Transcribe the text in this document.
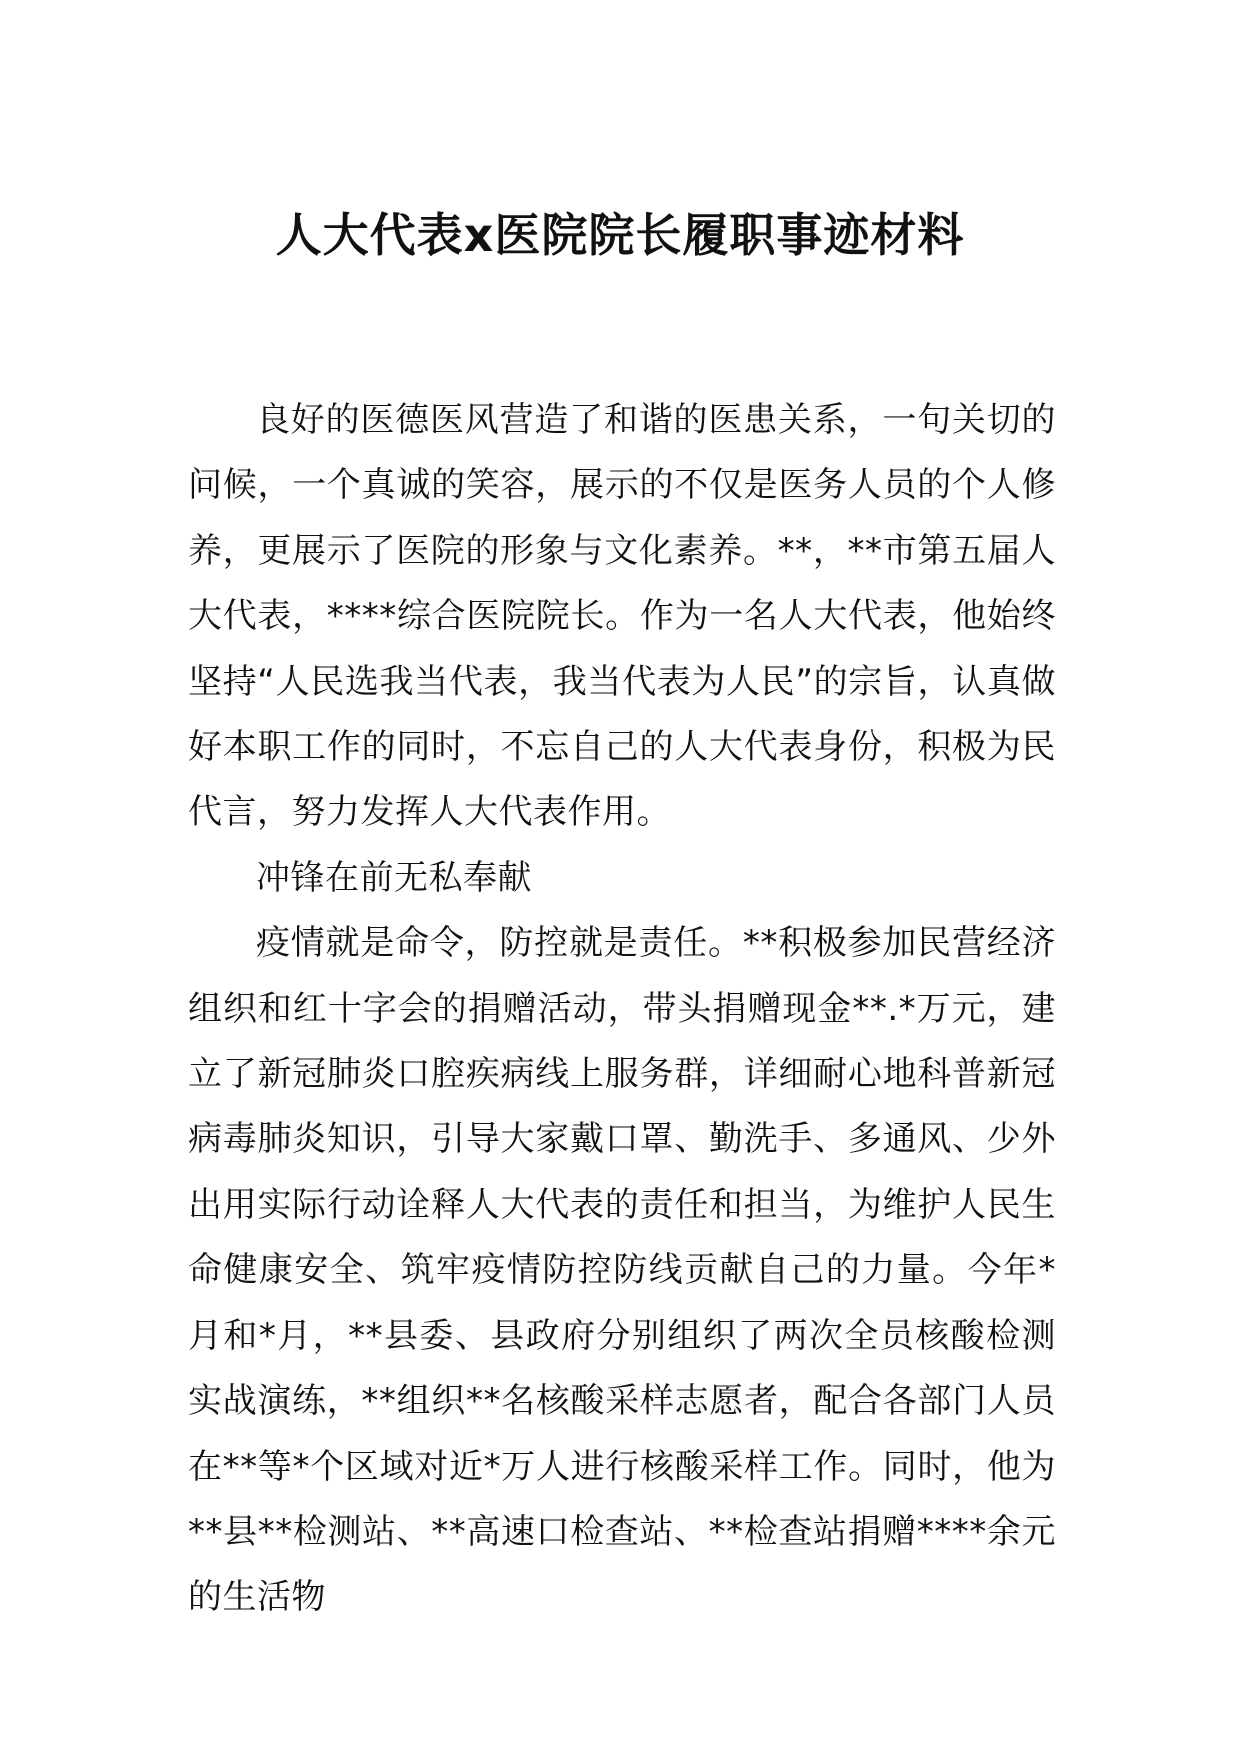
人大代表x医院院长履职事迹材料

良好的医德医风营造了和谐的医患关系，一句关切的问候，一个真诚的笑容，展示的不仅是医务人员的个人修养，更展示了医院的形象与文化素养。**，**市第五届人大代表，****综合医院院长。作为一名人大代表，他始终坚持“人民选我当代表，我当代表为人民”的宗旨，认真做好本职工作的同时，不忘自己的人大代表身份，积极为民代言，努力发挥人大代表作用。

冲锋在前无私奉献

疫情就是命令，防控就是责任。**积极参加民营经济组织和红十字会的捐赠活动，带头捐赠现金**.*万元，建立了新冠肺炎口腔疾病线上服务群，详细耐心地科普新冠病毒肺炎知识，引导大家戴口罩、勤洗手、多通风、少外出用实际行动诠释人大代表的责任和担当，为维护人民生命健康安全、筑牢疫情防控防线贡献自己的力量。今年*月和*月，**县委、县政府分别组织了两次全员核酸检测实战演练，**组织**名核酸采样志愿者，配合各部门人员在**等*个区域对近*万人进行核酸采样工作。同时，他为**县**检测站、**高速口检查站、**检查站捐赠****余元的生活物
